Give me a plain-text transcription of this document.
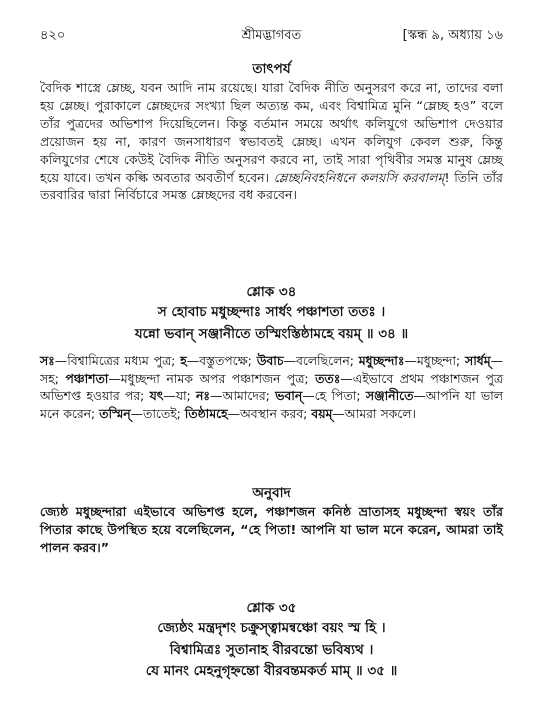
৪২০	শ্রীমদ্ভাগবত	[স্কন্ধ ৯, অধ্যায় ১৬
তাৎপর্য
বৈদিক শাস্ত্রে ম্লেচ্ছ, যবন আদি নাম রয়েছে। যারা বৈদিক নীতি অনুসরণ করে না, তাদের বলা হয় ম্লেচ্ছ। পুরাকালে ম্লেচ্ছদের সংখ্যা ছিল অত্যন্ত কম, এবং বিশ্বামিত্র মুনি “ম্লেচ্ছ হও” বলে তাঁর পুত্রদের অভিশাপ দিয়েছিলেন। কিন্তু বর্তমান সময়ে অর্থাৎ কলিযুগে অভিশাপ দেওয়ার প্রয়োজন হয় না, কারণ জনসাধারণ স্বভাবতই ম্লেচ্ছ। এখন কলিযুগ কেবল শুরু, কিন্তু কলিযুগের শেষে কেউই বৈদিক নীতি অনুসরণ করবে না, তাই সারা পৃথিবীর সমস্ত মানুষ ম্লেচ্ছ হয়ে যাবে। তখন কল্কি অবতার অবতীর্ণ হবেন। ম্লেচ্ছনিবহনিধনে কলয়সি করবালম্‌! তিনি তাঁর তরবারির দ্বারা নির্বিচারে সমস্ত ম্লেচ্ছদের বধ করবেন।
শ্লোক ৩৪
স হোবাচ মধুচ্ছন্দাঃ সার্ধং পঞ্চাশতা ততঃ ।
যন্নো ভবান্‌ সঞ্জানীতে তস্মিংস্তিষ্ঠামহে বয়ম্‌ ॥ ৩৪ ॥
সঃ—বিশ্বামিত্রের মধ্যম পুত্র; হ—বস্তুতপক্ষে; উবাচ—বলেছিলেন; মধুচ্ছন্দাঃ—মধুচ্ছন্দা; সার্ধম্‌—সহ; পঞ্চাশতা—মধুচ্ছন্দা নামক অপর পঞ্চাশজন পুত্র; ততঃ—এইভাবে প্রথম পঞ্চাশজন পুত্র অভিশপ্ত হওয়ার পর; যৎ—যা; নঃ—আমাদের; ভবান্‌—হে পিতা; সঞ্জানীতে—আপনি যা ভাল মনে করেন; তস্মিন্‌—তাতেই; তিষ্ঠামহে—অবস্থান করব; বয়ম্‌—আমরা সকলে।
অনুবাদ
জ্যেষ্ঠ মধুচ্ছন্দারা এইভাবে অভিশপ্ত হলে, পঞ্চাশজন কনিষ্ঠ ভ্রাতাসহ মধুচ্ছন্দা স্বয়ং তাঁর পিতার কাছে উপস্থিত হয়ে বলেছিলেন, “হে পিতা! আপনি যা ভাল মনে করেন, আমরা তাই পালন করব।”
শ্লোক ৩৫
জ্যেষ্ঠং মন্ত্রদৃশং চক্রুস্ত্বামন্বঞ্চো বয়ং স্ম হি ।
বিশ্বামিত্রঃ সুতানাহ বীরবন্তো ভবিষ্যথ ।
যে মানং মেহনুগৃহ্নন্তো বীরবন্তমকর্ত মাম্‌ ॥ ৩৫ ॥
